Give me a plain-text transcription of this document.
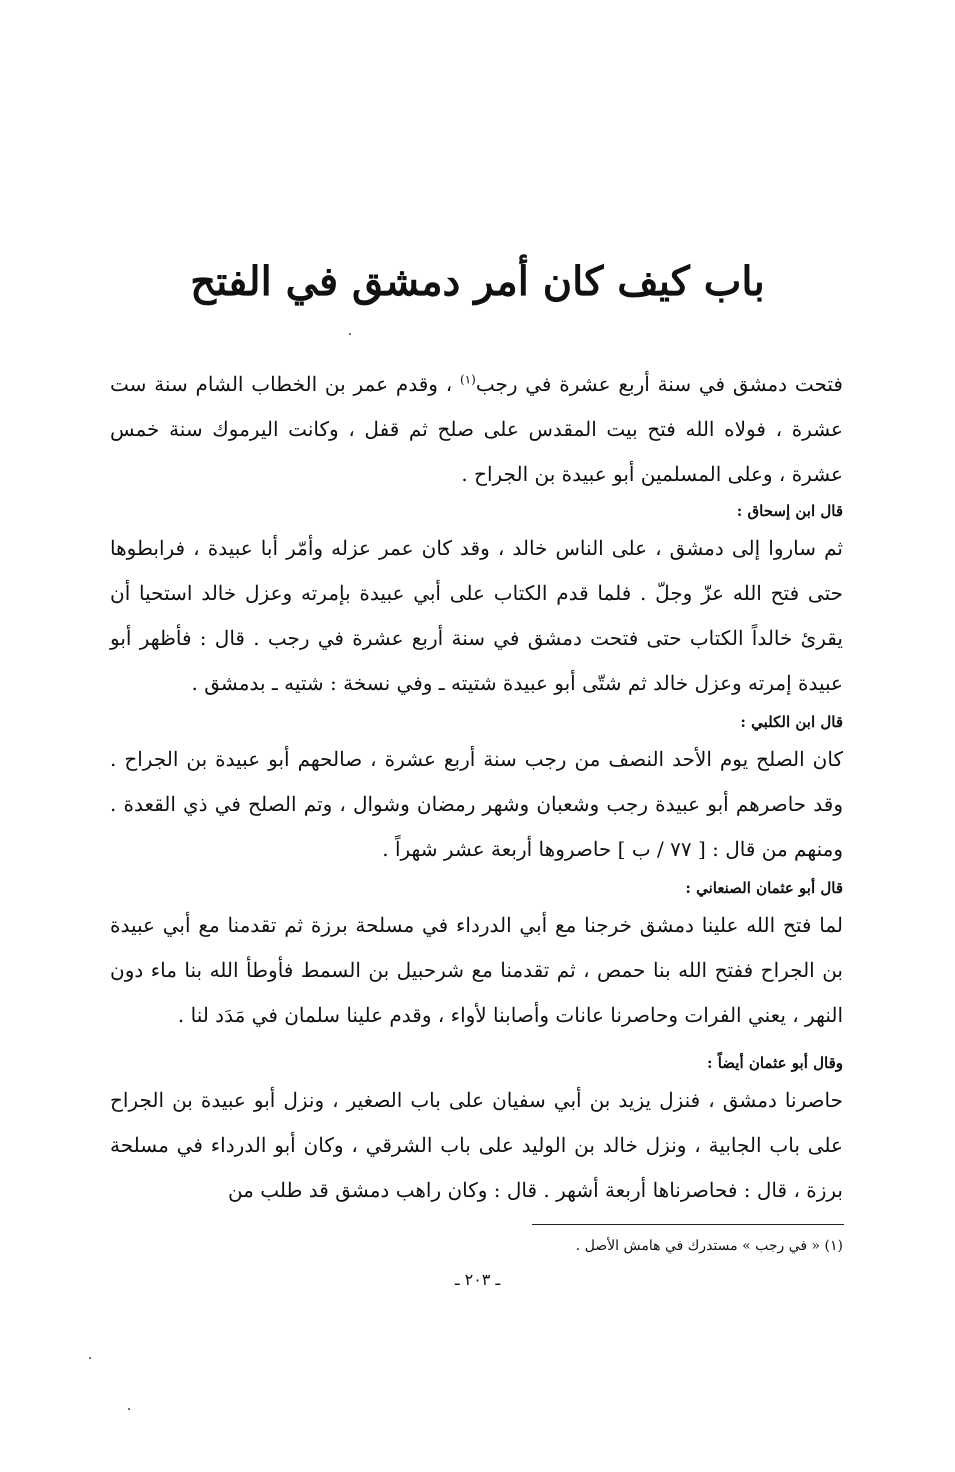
باب كيف كان أمر دمشق في الفتح

فتحت دمشق في سنة أربع عشرة في رجب$^{(١)}$ ، وقدم عمر بن الخطاب الشام سنة ست عشرة ، فولاه الله فتح بيت المقدس على صلح ثم قفل ، وكانت اليرموك سنة خمس عشرة ، وعلى المسلمين أبو عبيدة بن الجراح .

قال ابن إسحاق :

ثم ساروا إلى دمشق ، على الناس خالد ، وقد كان عمر عزله وأمّر أبا عبيدة ، فرابطوها حتى فتح الله عزّ وجلّ . فلما قدم الكتاب على أبي عبيدة بإمرته وعزل خالد استحيا أن يقرئ خالداً الكتاب حتى فتحت دمشق في سنة أربع عشرة في رجب . قال : فأظهر أبو عبيدة إمرته وعزل خالد ثم شتّى أبو عبيدة شتيته ـ وفي نسخة : شتيه ـ بدمشق .

قال ابن الكلبي :

كان الصلح يوم الأحد النصف من رجب سنة أربع عشرة ، صالحهم أبو عبيدة بن الجراح . وقد حاصرهم أبو عبيدة رجب وشعبان وشهر رمضان وشوال ، وتم الصلح في ذي القعدة . ومنهم من قال : [ ٧٧ / ب ] حاصروها أربعة عشر شهراً .

قال أبو عثمان الصنعاني :

لما فتح الله علينا دمشق خرجنا مع أبي الدرداء في مسلحة برزة ثم تقدمنا مع أبي عبيدة بن الجراح ففتح الله بنا حمص ، ثم تقدمنا مع شرحبيل بن السمط فأوطأ الله بنا ماء دون النهر ، يعني الفرات وحاصرنا عانات وأصابنا لأواء ، وقدم علينا سلمان في مَدَد لنا .

وقال أبو عثمان أيضاً :

حاصرنا دمشق ، فنزل يزيد بن أبي سفيان على باب الصغير ، ونزل أبو عبيدة بن الجراح على باب الجابية ، ونزل خالد بن الوليد على باب الشرقي ، وكان أبو الدرداء في مسلحة برزة ، قال : فحاصرناها أربعة أشهر . قال : وكان راهب دمشق قد طلب من

(١) « في رجب » مستدرك في هامش الأصل .

ـ ٢٠٣ ـ
